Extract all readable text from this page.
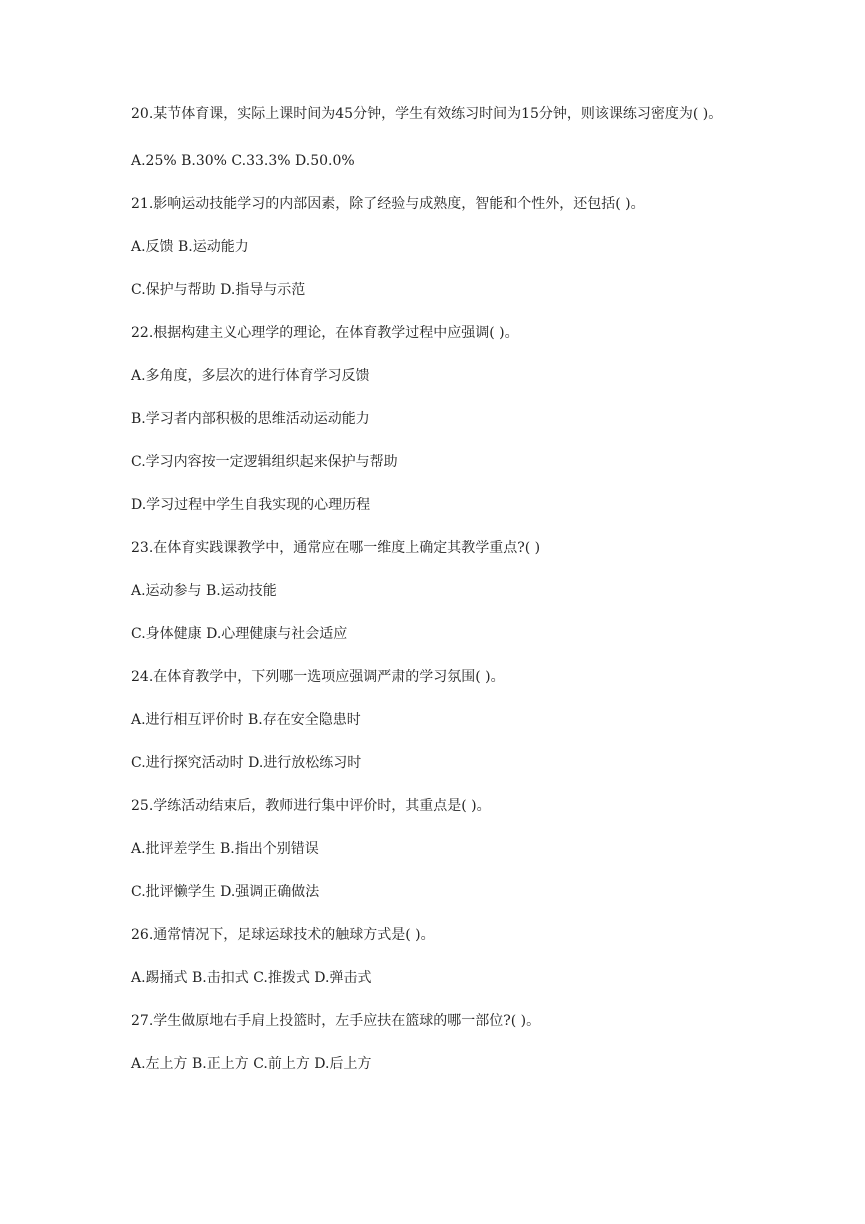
20.某节体育课，实际上课时间为45分钟，学生有效练习时间为15分钟，则该课练习密度为( )。

A.25% B.30% C.33.3% D.50.0%

21.影响运动技能学习的内部因素，除了经验与成熟度，智能和个性外，还包括( )。

A.反馈 B.运动能力

C.保护与帮助 D.指导与示范

22.根据构建主义心理学的理论，在体育教学过程中应强调( )。

A.多角度，多层次的进行体育学习反馈

B.学习者内部积极的思维活动运动能力

C.学习内容按一定逻辑组织起来保护与帮助

D.学习过程中学生自我实现的心理历程

23.在体育实践课教学中，通常应在哪一维度上确定其教学重点?( )

A.运动参与 B.运动技能

C.身体健康 D.心理健康与社会适应

24.在体育教学中，下列哪一选项应强调严肃的学习氛围( )。

A.进行相互评价时 B.存在安全隐患时

C.进行探究活动时 D.进行放松练习时

25.学练活动结束后，教师进行集中评价时，其重点是( )。

A.批评差学生 B.指出个别错误

C.批评懒学生 D.强调正确做法

26.通常情况下，足球运球技术的触球方式是( )。

A.踢捅式 B.击扣式 C.推拨式 D.弹击式

27.学生做原地右手肩上投篮时，左手应扶在篮球的哪一部位?( )。

A.左上方 B.正上方 C.前上方 D.后上方
